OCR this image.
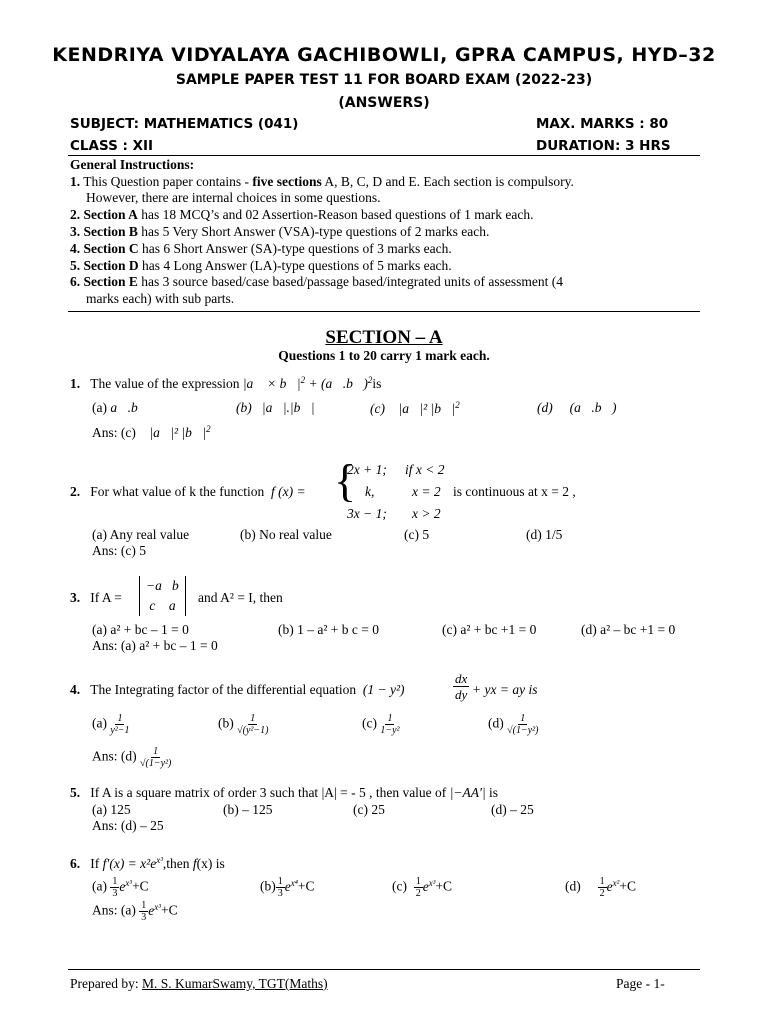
KENDRIYA VIDYALAYA GACHIBOWLI, GPRA CAMPUS, HYD–32
SAMPLE PAPER TEST 11 FOR BOARD EXAM (2022-23)
(ANSWERS)
SUBJECT: MATHEMATICS (041)	MAX. MARKS : 80
CLASS : XII	DURATION: 3 HRS
General Instructions:
1. This Question paper contains - five sections A, B, C, D and E. Each section is compulsory.
However, there are internal choices in some questions.
2. Section A has 18 MCQ’s and 02 Assertion-Reason based questions of 1 mark each.
3. Section B has 5 Very Short Answer (VSA)-type questions of 2 marks each.
4. Section C has 6 Short Answer (SA)-type questions of 3 marks each.
5. Section D has 4 Long Answer (LA)-type questions of 5 marks each.
6. Section E has 3 source based/case based/passage based/integrated units of assessment (4
marks each) with sub parts.
SECTION – A
Questions 1 to 20 carry 1 mark each.
1. The value of the expression |a⃗ × $b⃗|^2$ + (a⃗.b⃗)$^2$is
(a) a⃗.b⃗	(b) |a⃗|.|b⃗|	(c) |a⃗|² $|b⃗|^2$	(d) (a⃗.b⃗)
Ans: (c) |a⃗|² $|b⃗|^2$
2. For what value of k the function f (x) = {
2x + 1; if x < 2
k,	x = 2
3x − 1; x > 2
is continuous at x = 2 ,
(a) Any real value	(b) No real value	(c) 5	(d) 1/5
Ans: (c) 5
3. If A =
−a   b
c    a
and A² = I, then
(a) a² + bc – 1 = 0	(b) 1 – a² + b c = 0	(c) a² + bc +1 = 0	(d) a² – bc +1 = 0
Ans: (a) a² + bc – 1 = 0
4. The Integrating factor of the differential equation (1 − y²)	$\frac{dx}{dy}$ + yx = ay is
$(a) \frac{1}{\text{y²−1}}$	$(b) \frac{1}{\text{√(y²−1)}}$	$(c) \frac{1}{\text{1−y²}}$	$(d) \frac{1}{\text{√(1−y²)}}$
Ans: $(d) \frac{1}{\text{√(1−y²)}}$
5. If A is a square matrix of order 3 such that |A| = - 5 , then value of |−AA′| is
(a) 125	(b) – 125	(c) 25	(d) – 25
Ans: (d) – 25
6. If $f'(x) = x^2e^{x^3},then$ f(x) is
$(a) \frac{1}{3} e^{x^3}+C$	$(b) \frac{1}{3} e^{x^4}+C$	$(c) \frac{1}{2} e^{x^3}+C$	$(d) \frac{1}{2} e^{x^2}+C$
Ans: $(a) \frac{1}{3} e^{x^3}+C$
Prepared by: M. S. KumarSwamy, TGT(Maths)	Page - 1-
